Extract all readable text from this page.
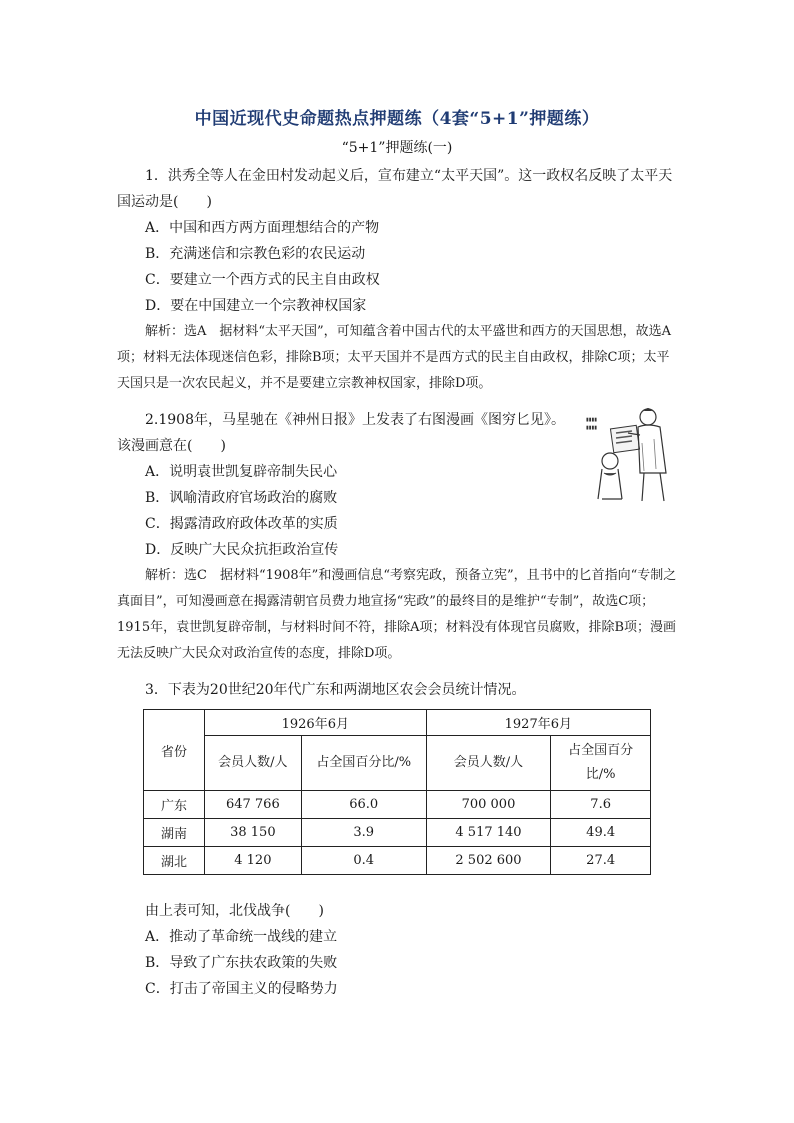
中国近现代史命题热点押题练（4套“5+1”押题练）
“5+1”押题练(一)

1．洪秀全等人在金田村发动起义后，宣布建立“太平天国”。这一政权名反映了太平天国运动是(　　)

A．中国和西方两方面理想结合的产物

B．充满迷信和宗教色彩的农民运动

C．要建立一个西方式的民主自由政权

D．要在中国建立一个宗教神权国家

解析：选A　据材料“太平天国”，可知蕴含着中国古代的太平盛世和西方的天国思想，故选A项；材料无法体现迷信色彩，排除B项；太平天国并不是西方式的民主自由政权，排除C项；太平天国只是一次农民起义，并不是要建立宗教神权国家，排除D项。

2.1908年，马星驰在《神州日报》上发表了右图漫画《图穷匕见》。该漫画意在(　　)

A．说明袁世凯复辟帝制失民心

B．讽喻清政府官场政治的腐败

C．揭露清政府政体改革的实质

D．反映广大民众抗拒政治宣传

解析：选C　据材料“1908年”和漫画信息“考察宪政，预备立宪”，且书中的匕首指向“专制之真面目”，可知漫画意在揭露清朝官员费力地宣扬“宪政”的最终目的是维护“专制”，故选C项；1915年，袁世凯复辟帝制，与材料时间不符，排除A项；材料没有体现官员腐败，排除B项；漫画无法反映广大民众对政治宣传的态度，排除D项。

▮▮▮▮
▮▮▮▮

3．下表为20世纪20年代广东和两湖地区农会会员统计情况。

省份	1926年6月		1927年6月	
	会员人数/人	占全国百分比/%	会员人数/人	占全国百分比/%
广东	647 766	66.0	700 000	7.6
湖南	38 150	3.9	4 517 140	49.4
湖北	4 120	0.4	2 502 600	27.4

由上表可知，北伐战争(　　)

A．推动了革命统一战线的建立

B．导致了广东扶农政策的失败

C．打击了帝国主义的侵略势力
